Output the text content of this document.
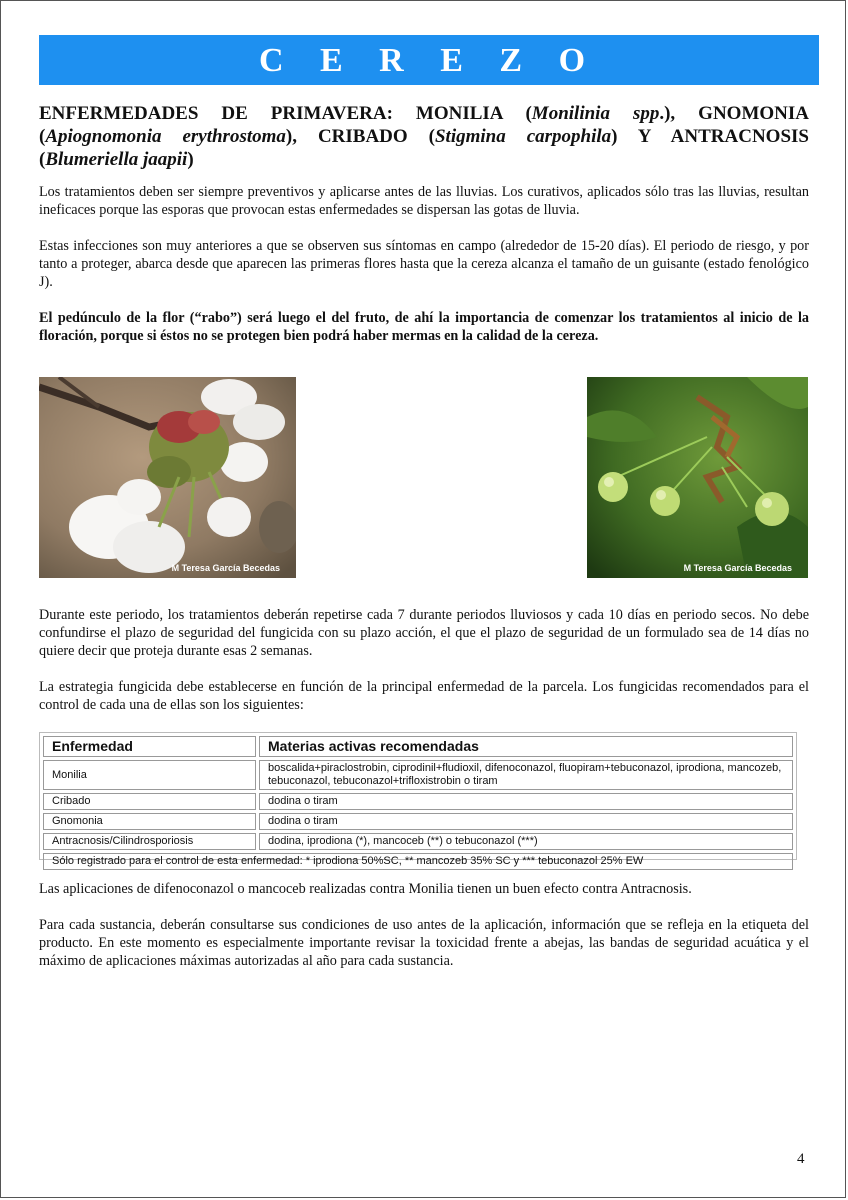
C E R E Z O
ENFERMEDADES DE PRIMAVERA: MONILIA (Monilinia spp.), GNOMONIA (Apiognomonia erythrostoma), CRIBADO (Stigmina carpophila) Y ANTRACNOSIS (Blumeriella jaapii)
Los tratamientos deben ser siempre preventivos y aplicarse antes de las lluvias. Los curativos, aplicados sólo tras las lluvias, resultan ineficaces porque las esporas que provocan estas enfermedades se dispersan las gotas de lluvia.
Estas infecciones son muy anteriores a que se observen sus síntomas en campo (alrededor de 15-20 días). El periodo de riesgo, y por tanto a proteger, abarca desde que aparecen las primeras flores hasta que la cereza alcanza el tamaño de un guisante (estado fenológico J).
El pedúnculo de la flor (“rabo”) será luego el del fruto, de ahí la importancia de comenzar los tratamientos al inicio de la floración, porque si éstos no se protegen bien podrá haber mermas en la calidad de la cereza.
M Teresa García Becedas	M Teresa García Becedas
Durante este periodo, los tratamientos deberán repetirse cada 7 durante periodos lluviosos y cada 10 días en periodo secos. No debe confundirse el plazo de seguridad del fungicida con su plazo acción, el que el plazo de seguridad de un formulado sea de 14 días no quiere decir que proteja durante esas 2 semanas.
La estrategia fungicida debe establecerse en función de la principal enfermedad de la parcela. Los fungicidas recomendados para el control de cada una de ellas son los siguientes:
Enfermedad	Materias activas recomendadas
Monilia	boscalida+piraclostrobin, ciprodinil+fludioxil, difenoconazol, fluopiram+tebuconazol, iprodiona, mancozeb, tebuconazol, tebuconazol+trifloxistrobin o tiram
Cribado	dodina o tiram
Gnomonia	dodina o tiram
Antracnosis/Cilindrosporiosis	dodina, iprodiona (*), mancoceb (**) o tebuconazol (***)
Sólo registrado para el control de esta enfermedad: * iprodiona 50%SC, ** mancozeb 35% SC y *** tebuconazol 25% EW	
Las aplicaciones de difenoconazol o mancoceb realizadas contra Monilia tienen un buen efecto contra Antracnosis.
Para cada sustancia, deberán consultarse sus condiciones de uso antes de la aplicación, información que se refleja en la etiqueta del producto. En este momento es especialmente importante revisar la toxicidad frente a abejas, las bandas de seguridad acuática y el máximo de aplicaciones máximas autorizadas al año para cada sustancia.
4
